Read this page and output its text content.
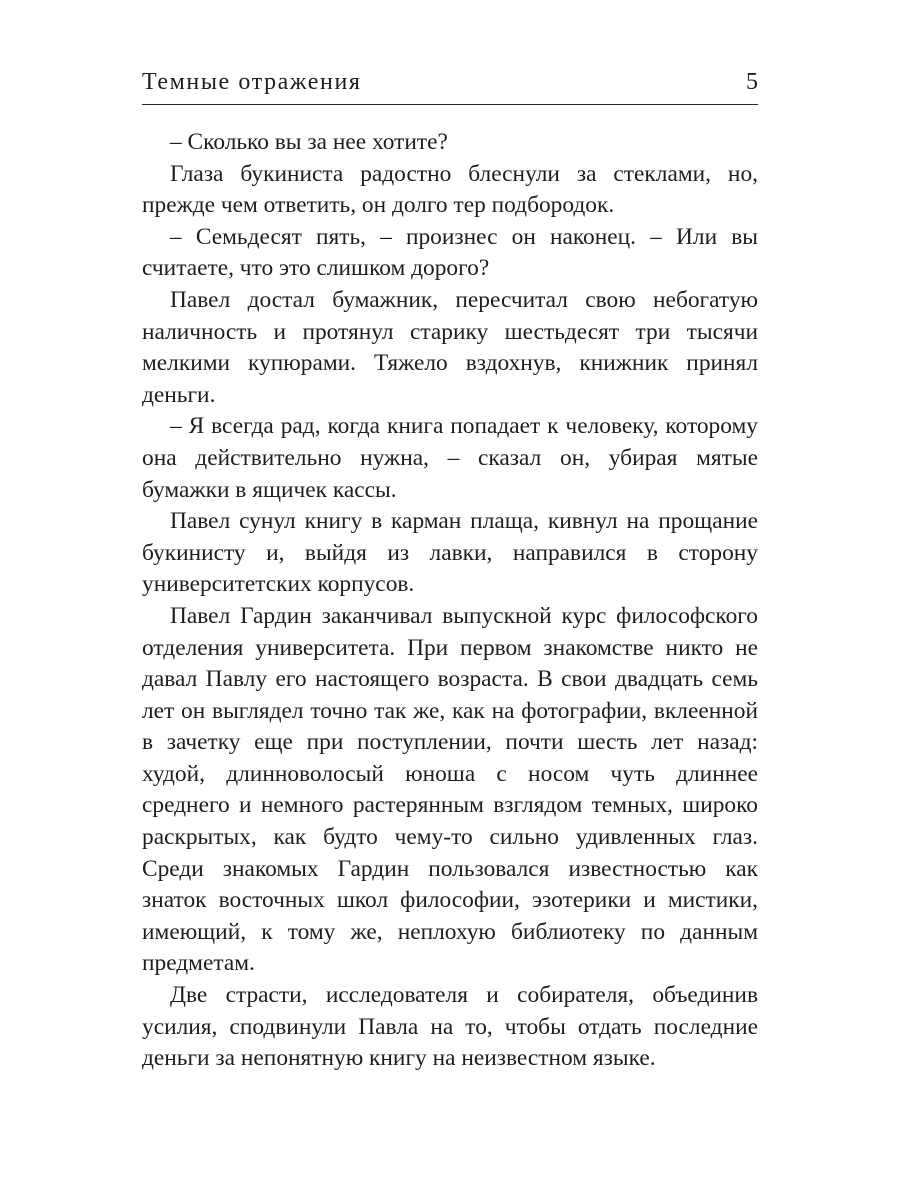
Темные отражения	5

– Сколько вы за нее хотите?

Глаза букиниста радостно блеснули за стеклами, но, прежде чем ответить, он долго тер подбородок.

– Семьдесят пять, – произнес он наконец. – Или вы считаете, что это слишком дорого?

Павел достал бумажник, пересчитал свою небогатую наличность и протянул старику шестьдесят три тысячи мелкими купюрами. Тяжело вздохнув, книжник принял деньги.

– Я всегда рад, когда книга попадает к человеку, которому она действительно нужна, – сказал он, убирая мятые бумажки в ящичек кассы.

Павел сунул книгу в карман плаща, кивнул на прощание букинисту и, выйдя из лавки, направился в сторону университетских корпусов.

Павел Гардин заканчивал выпускной курс философского отделения университета. При первом знакомстве никто не давал Павлу его настоящего возраста. В свои двадцать семь лет он выглядел точно так же, как на фотографии, вклеенной в зачетку еще при поступлении, почти шесть лет назад: худой, длинноволосый юноша с носом чуть длиннее среднего и немного растерянным взглядом темных, широко раскрытых, как будто чему-то сильно удивленных глаз. Среди знакомых Гардин пользовался известностью как знаток восточных школ философии, эзотерики и мистики, имеющий, к тому же, неплохую библиотеку по данным предметам.

Две страсти, исследователя и собирателя, объединив усилия, сподвинули Павла на то, чтобы отдать последние деньги за непонятную книгу на неизвестном языке.
